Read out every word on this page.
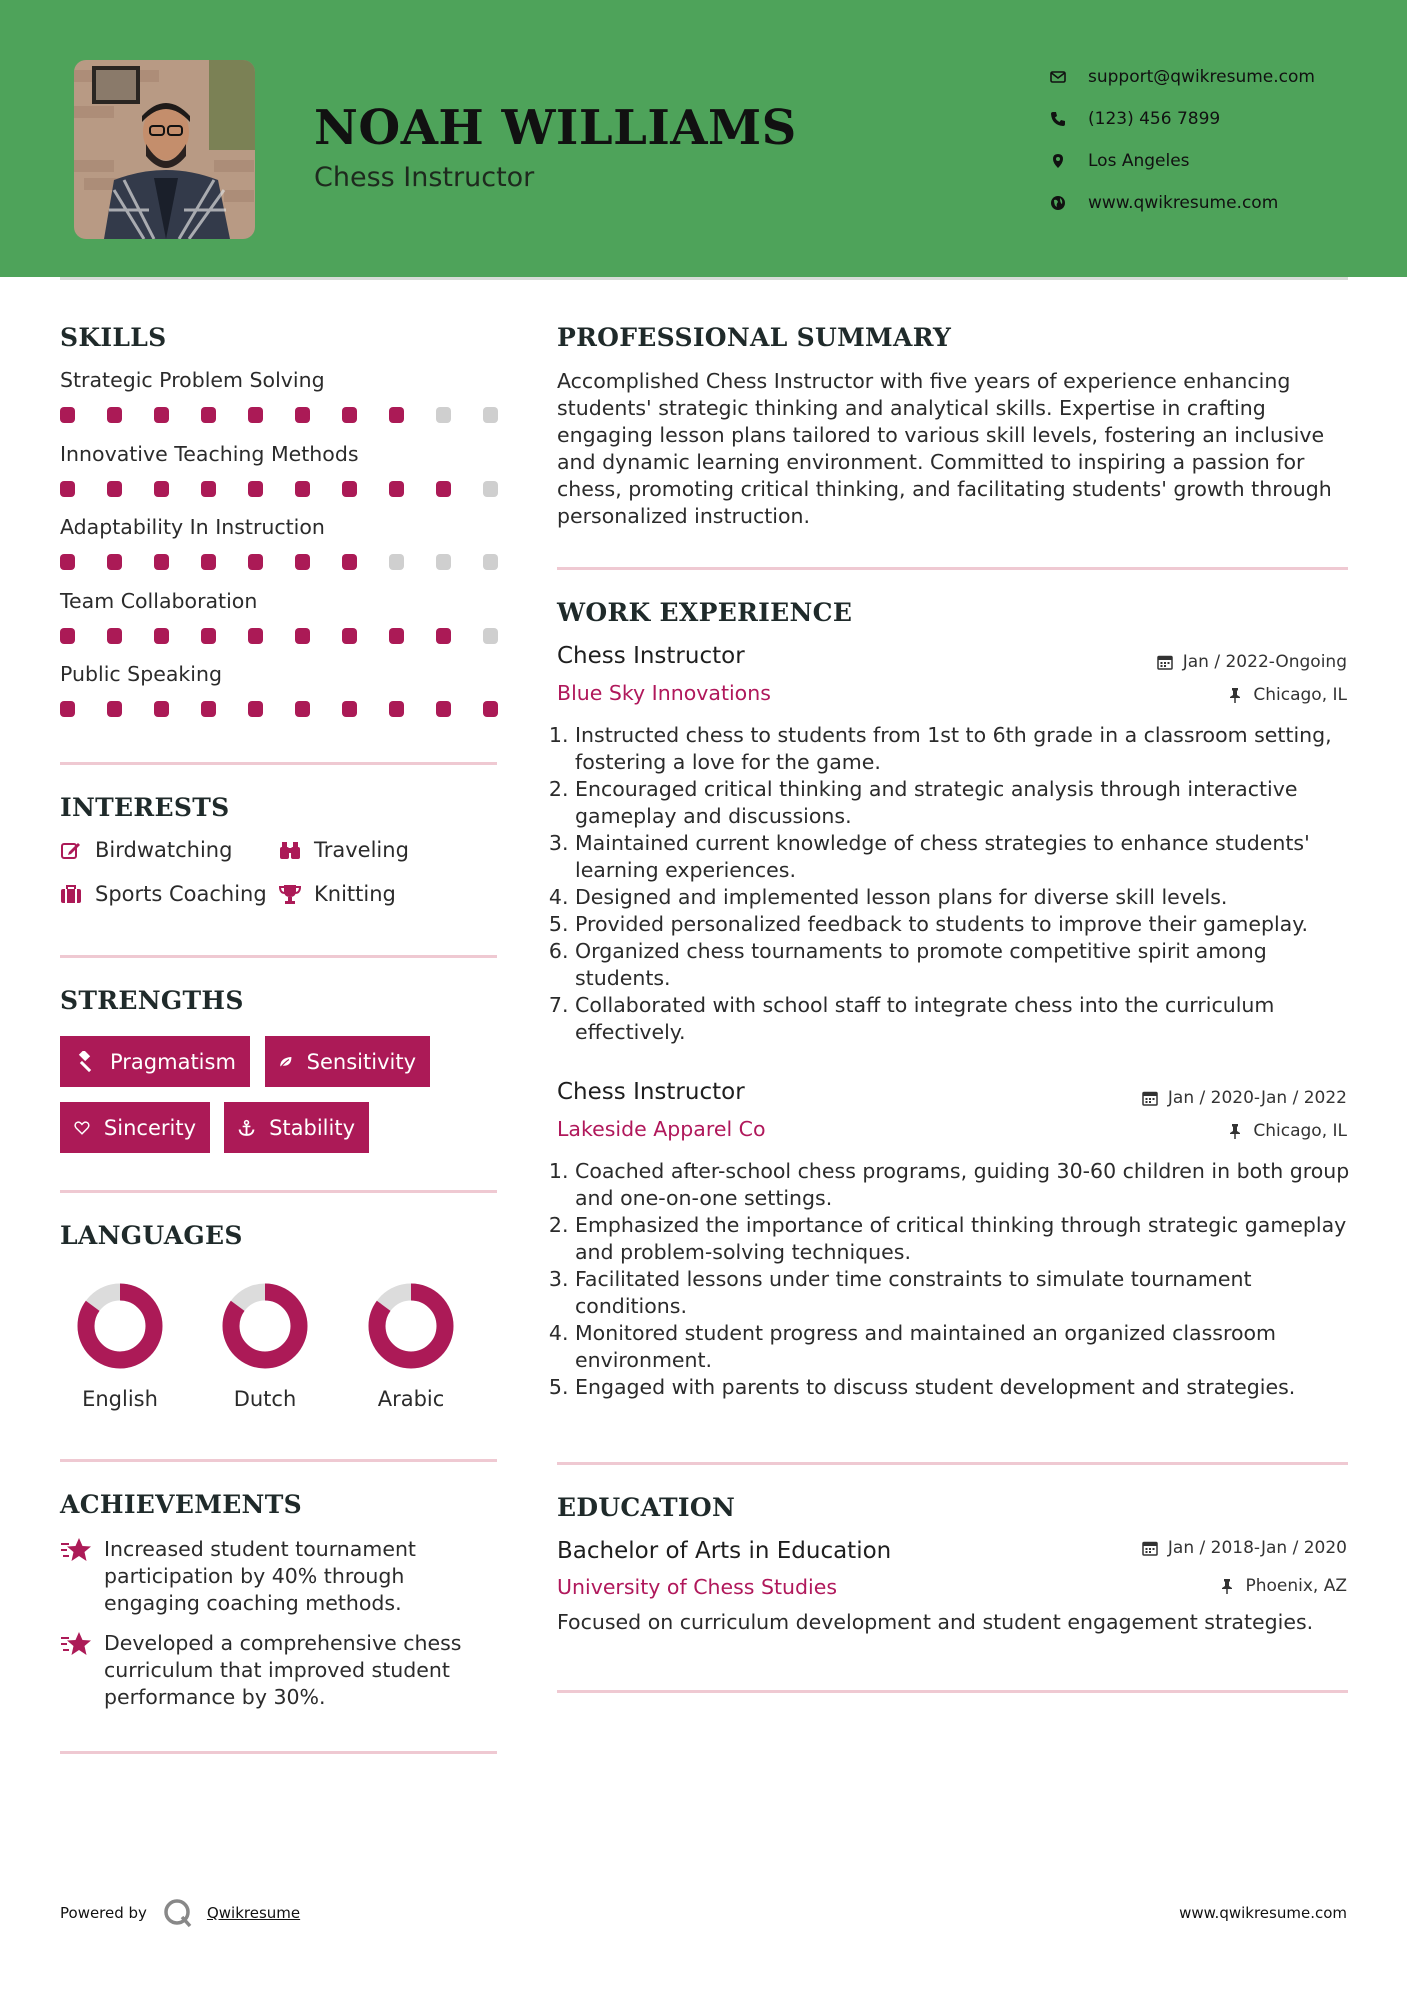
NOAH WILLIAMS
Chess Instructor
support@qwikresume.com
(123) 456 7899
Los Angeles
www.qwikresume.com
SKILLS
Strategic Problem Solving
Innovative Teaching Methods
Adaptability In Instruction
Team Collaboration
Public Speaking
INTERESTS
Birdwatching	Traveling
Sports Coaching Knitting
STRENGTHS
Pragmatism	Sensitivity
Sincerity	Stability
LANGUAGES
English	Dutch	Arabic
ACHIEVEMENTS
Increased student tournament participation by 40% through engaging coaching methods.
Developed a comprehensive chess curriculum that improved student performance by 30%.
PROFESSIONAL SUMMARY
Accomplished Chess Instructor with five years of experience enhancing students' strategic thinking and analytical skills. Expertise in crafting engaging lesson plans tailored to various skill levels, fostering an inclusive and dynamic learning environment. Committed to inspiring a passion for chess, promoting critical thinking, and facilitating students' growth through personalized instruction.
WORK EXPERIENCE
Chess Instructor	Jan / 2022-Ongoing
Blue Sky Innovations	Chicago, IL
1. Instructed chess to students from 1st to 6th grade in a classroom setting, fostering a love for the game.
2. Encouraged critical thinking and strategic analysis through interactive gameplay and discussions.
3. Maintained current knowledge of chess strategies to enhance students' learning experiences.
4. Designed and implemented lesson plans for diverse skill levels.
5. Provided personalized feedback to students to improve their gameplay.
6. Organized chess tournaments to promote competitive spirit among students.
7. Collaborated with school staff to integrate chess into the curriculum effectively.
Chess Instructor	Jan / 2020-Jan / 2022
Lakeside Apparel Co	Chicago, IL
1. Coached after-school chess programs, guiding 30-60 children in both group and one-on-one settings.
2. Emphasized the importance of critical thinking through strategic gameplay and problem-solving techniques.
3. Facilitated lessons under time constraints to simulate tournament conditions.
4. Monitored student progress and maintained an organized classroom environment.
5. Engaged with parents to discuss student development and strategies.
EDUCATION
Bachelor of Arts in Education	Jan / 2018-Jan / 2020
University of Chess Studies	Phoenix, AZ
Focused on curriculum development and student engagement strategies.
Powered by	Qwikresume	www.qwikresume.com
